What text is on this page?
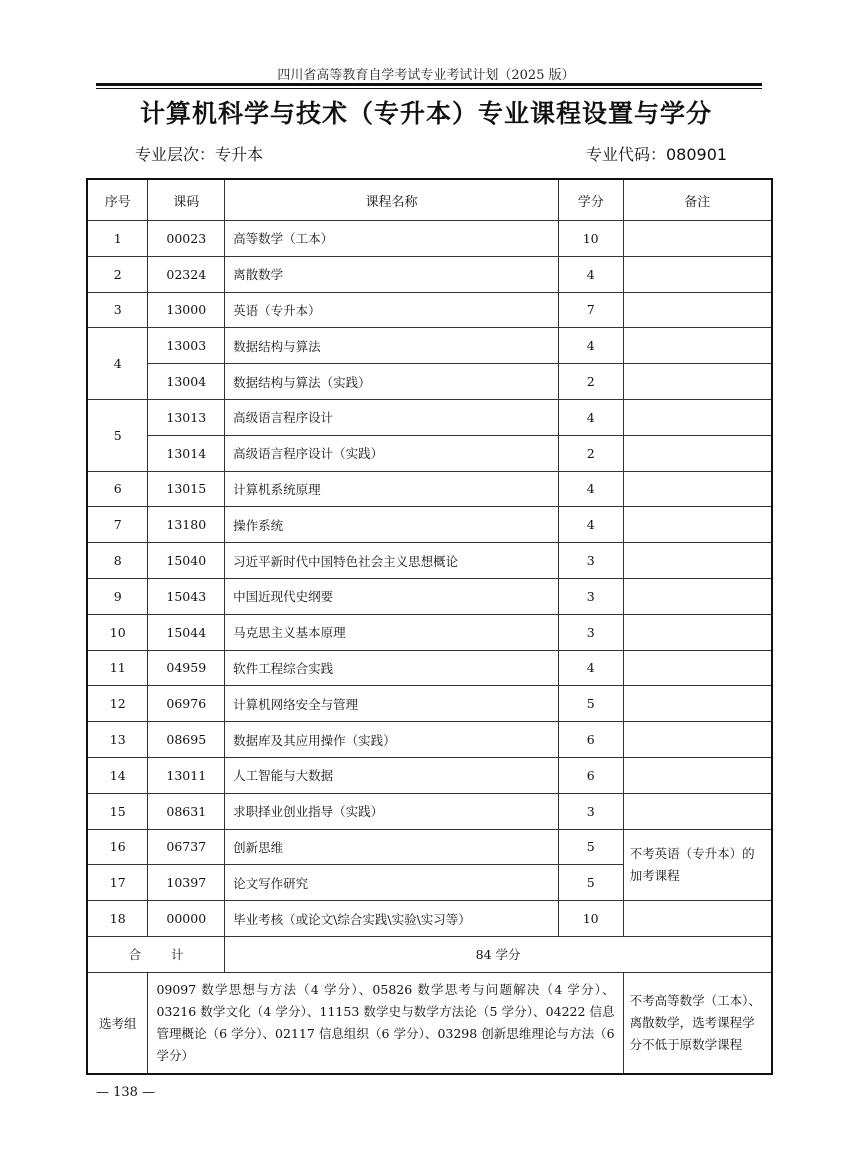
四川省高等教育自学考试专业考试计划（2025 版）
计算机科学与技术（专升本）专业课程设置与学分
专业层次：专升本	专业代码：080901
序号	课码	课程名称	学分	备注
1	00023	高等数学（工本）	10	
2	02324	离散数学	4	
3	13000	英语（专升本）	7	
4	13003	数据结构与算法	4	
	13004	数据结构与算法（实践）	2	
5	13013	高级语言程序设计	4	
	13014	高级语言程序设计（实践）	2	
6	13015	计算机系统原理	4	
7	13180	操作系统	4	
8	15040	习近平新时代中国特色社会主义思想概论	3	
9	15043	中国近现代史纲要	3	
10	15044	马克思主义基本原理	3	
11	04959	软件工程综合实践	4	
12	06976	计算机网络安全与管理	5	
13	08695	数据库及其应用操作（实践）	6	
14	13011	人工智能与大数据	6	
15	08631	求职择业创业指导（实践）	3	
16	06737	创新思维	5	不考英语（专升本）的加考课程
17	10397	论文写作研究	5	
18	00000	毕业考核（或论文\综合实践\实验\实习等）	10	
合计		84 学分		
选考组	09097 数学思想与方法（4 学分）、05826 数学思考与问题解决（4 学分）、03216 数学文化（4 学分）、11153 数学史与数学方法论（5 学分）、04222 信息管理概论（6 学分）、02117 信息组织（6 学分）、03298 创新思维理论与方法（6 学分）			不考高等数学（工本）、离散数学，选考课程学分不低于原数学课程
— 138 —
